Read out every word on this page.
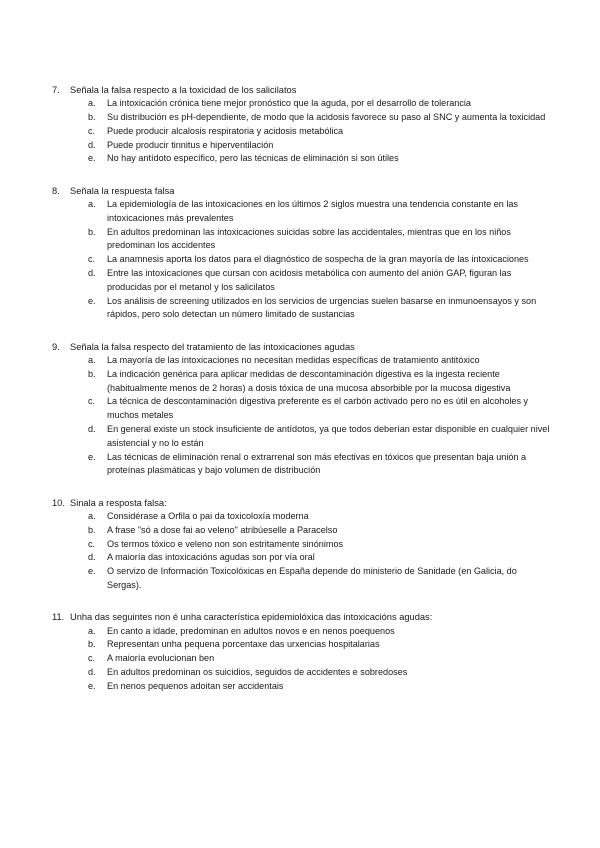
7.	Señala la falsa respecto a la toxicidad de los salicilatos
a.	La intoxicación crónica tiene mejor pronóstico que la aguda, por el desarrollo de tolerancia
b.	Su distribución es pH-dependiente, de modo que la acidosis favorece su paso al SNC y aumenta la toxicidad
c.	Puede producir alcalosis respiratoria y acidosis metabólica
d.	Puede producir tinnitus e hiperventilación
e.	No hay antídoto específico, pero las técnicas de eliminación si son útiles
8.	Señala la respuesta falsa
a.	La epidemiología de las intoxicaciones en los últimos 2 siglos muestra una tendencia constante en las intoxicaciones más prevalentes
b.	En adultos predominan las intoxicaciones suicidas sobre las accidentales, mientras que en los niños predominan los accidentes
c.	La anamnesis aporta los datos para el diagnóstico de sospecha de la gran mayoría de las intoxicaciones
d.	Entre las intoxicaciones que cursan con acidosis metabólica con aumento del anión GAP, figuran las producidas por el metanol y los salicilatos
e.	Los análisis de screening utilizados en los servicios de urgencias suelen basarse en inmunoensayos y son rápidos, pero solo detectan un número limitado de sustancias
9.	Señala la falsa respecto del tratamiento de las intoxicaciones agudas
a.	La mayoría de las intoxicaciones no necesitan medidas específicas de tratamiento antitóxico
b.	La indicación genérica para aplicar medidas de descontaminación digestiva es la ingesta reciente (habitualmente menos de 2 horas) a dosis tóxica de una mucosa absorbible por la mucosa digestiva
c.	La técnica de descontaminación digestiva preferente es el carbón activado pero no es útil en alcoholes y muchos metales
d.	En general existe un stock insuficiente de antídotos, ya que todos deberían estar disponible en cualquier nivel asistencial y no lo están
e.	Las técnicas de eliminación renal o extrarrenal son más efectivas en tóxicos que presentan baja unión a proteínas plasmáticas y bajo volumen de distribución
10. Sinala a resposta falsa:
a.	Considérase a Orfila o pai da toxicoloxía moderna
b.	A frase "só a dose fai ao veleno" atribúeselle a Paracelso
c.	Os termos tóxico e veleno non son estritamente sinónimos
d.	A maioría das intoxicacións agudas son por vía oral
e.	O servizo de Información Toxicolóxicas en España depende do ministerio de Sanidade (en Galicia, do Sergas).
11. Unha das seguintes non é unha característica epidemiolóxica das intoxicacións agudas:
a.	En canto a idade, predominan en adultos novos e en nenos poequenos
b.	Representan unha pequena porcentaxe das urxencias hospitalarias
c.	A maioría evolucionan ben
d.	En adultos predominan os suicidios, seguidos de accidentes e sobredoses
e.	En nenos pequenos adoitan ser accidentais
